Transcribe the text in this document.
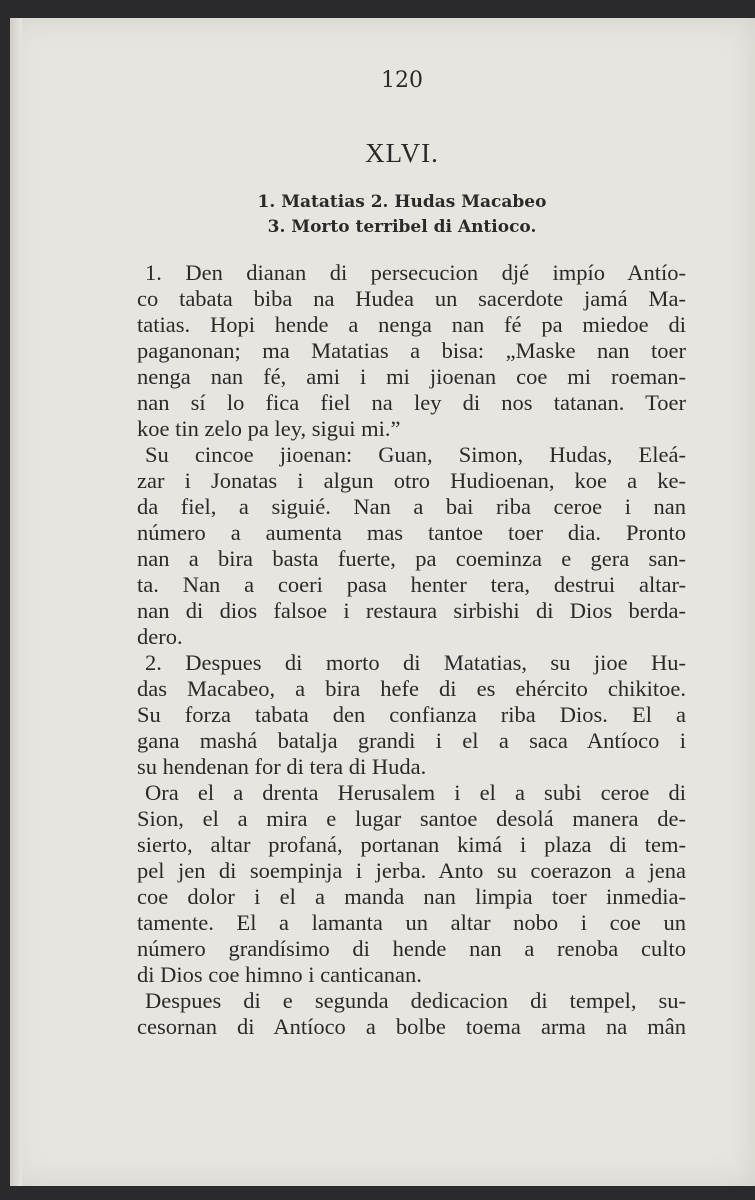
120
XLVI.
1. Matatias 2. Hudas Macabeo
3. Morto terribel di Antioco.
1. Den dianan di persecucion djé impío Antío-
co tabata biba na Hudea un sacerdote jamá Ma-
tatias. Hopi hende a nenga nan fé pa miedoe di
paganonan; ma Matatias a bisa: „Maske nan toer
nenga nan fé, ami i mi jioenan coe mi roeman-
nan sí lo fica fiel na ley di nos tatanan. Toer
koe tin zelo pa ley, sigui mi.”
Su cincoe jioenan: Guan, Simon, Hudas, Eleá-
zar i Jonatas i algun otro Hudioenan, koe a ke-
da fiel, a siguié. Nan a bai riba ceroe i nan
número a aumenta mas tantoe toer dia. Pronto
nan a bira basta fuerte, pa coeminza e gera san-
ta. Nan a coeri pasa henter tera, destrui altar-
nan di dios falsoe i restaura sirbishi di Dios berda-
dero.
2. Despues di morto di Matatias, su jioe Hu-
das Macabeo, a bira hefe di es ehército chikitoe.
Su forza tabata den confianza riba Dios. El a
gana mashá batalja grandi i el a saca Antíoco i
su hendenan for di tera di Huda.
Ora el a drenta Herusalem i el a subi ceroe di
Sion, el a mira e lugar santoe desolá manera de-
sierto, altar profaná, portanan kimá i plaza di tem-
pel jen di soempinja i jerba. Anto su coerazon a jena
coe dolor i el a manda nan limpia toer inmedia-
tamente. El a lamanta un altar nobo i coe un
número grandísimo di hende nan a renoba culto
di Dios coe himno i canticanan.
Despues di e segunda dedicacion di tempel, su-
cesornan di Antíoco a bolbe toema arma na mân
